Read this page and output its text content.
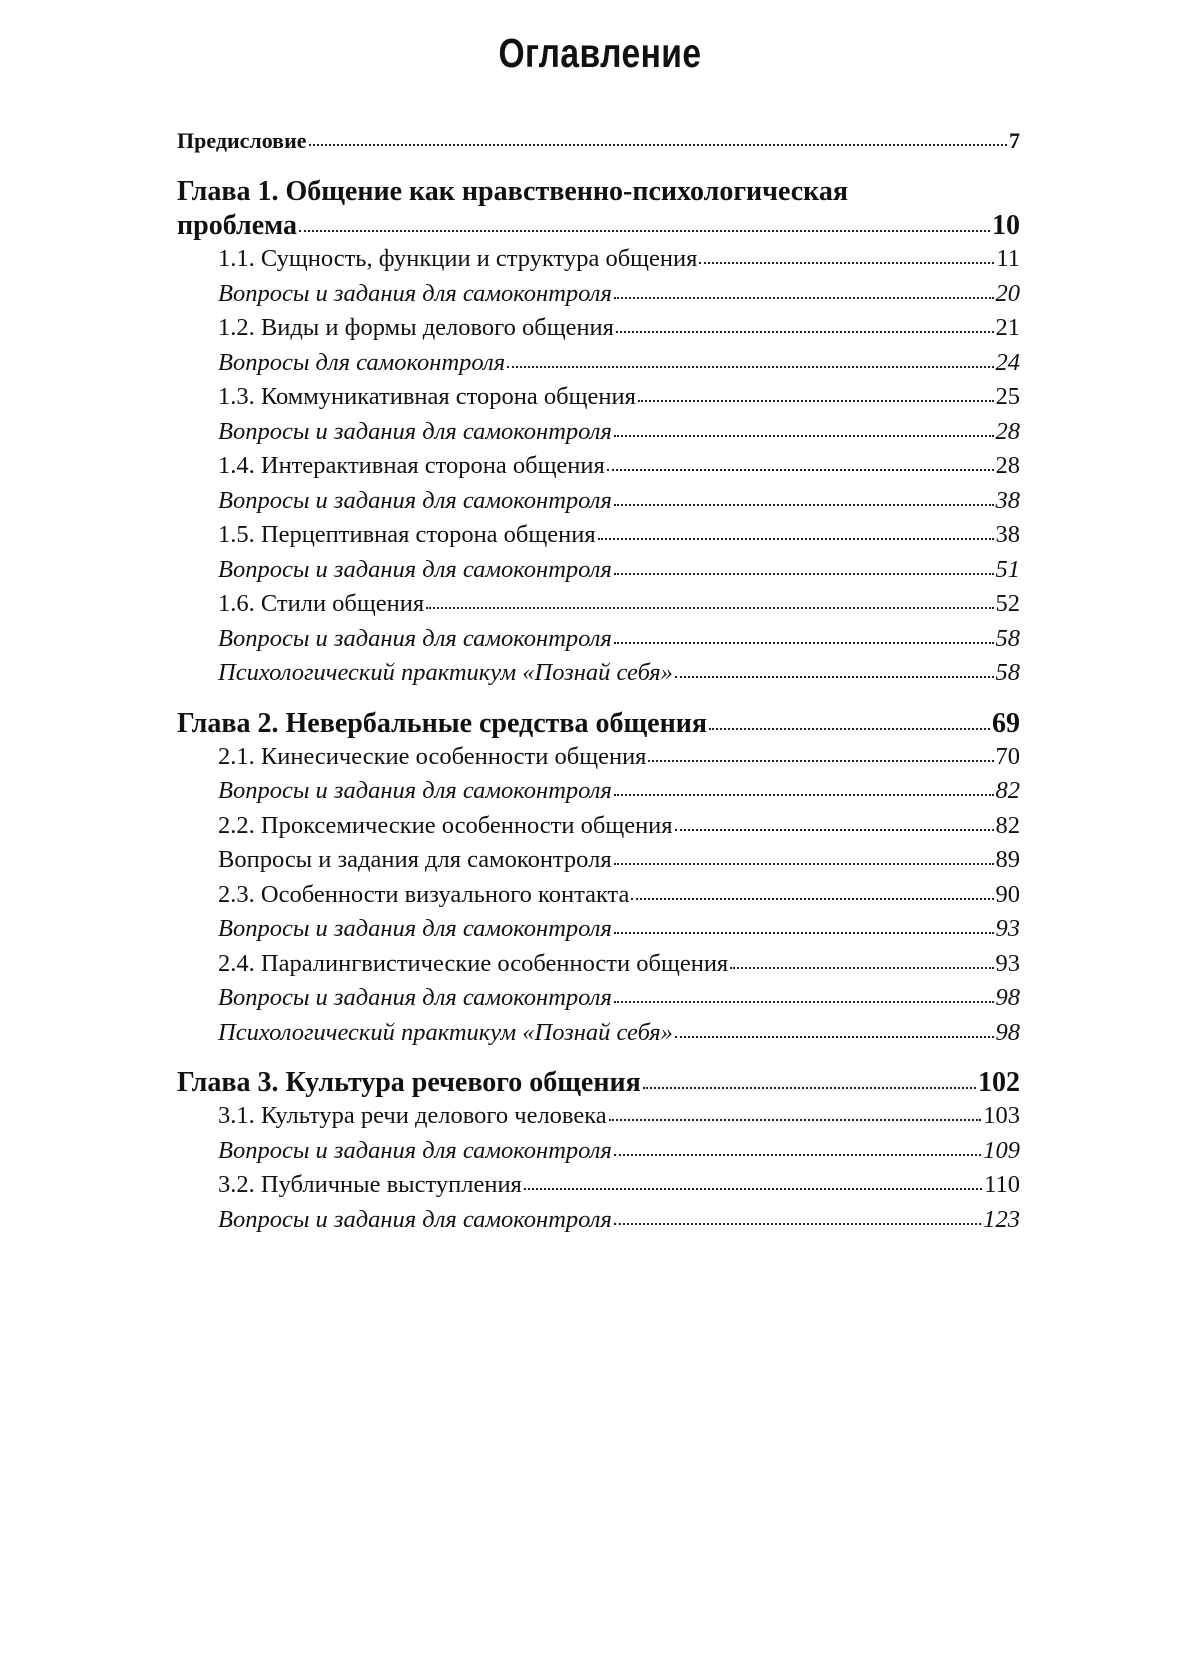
Оглавление
Предисловие	7
Глава 1. Общение как нравственно-психологическая
проблема	10
1.1. Сущность, функции и структура общения	11
Вопросы и задания для самоконтроля	20
1.2. Виды и формы делового общения	21
Вопросы для самоконтроля	24
1.3. Коммуникативная сторона общения	25
Вопросы и задания для самоконтроля	28
1.4. Интерактивная сторона общения	28
Вопросы и задания для самоконтроля	38
1.5. Перцептивная сторона общения	38
Вопросы и задания для самоконтроля	51
1.6. Стили общения	52
Вопросы и задания для самоконтроля	58
Психологический практикум «Познай себя»	58
Глава 2. Невербальные средства общения	69
2.1. Кинесические особенности общения	70
Вопросы и задания для самоконтроля	82
2.2. Проксемические особенности общения	82
Вопросы и задания для самоконтроля	89
2.3. Особенности визуального контакта	90
Вопросы и задания для самоконтроля	93
2.4. Паралингвистические особенности общения	93
Вопросы и задания для самоконтроля	98
Психологический практикум «Познай себя»	98
Глава 3. Культура речевого общения	102
3.1. Культура речи делового человека	103
Вопросы и задания для самоконтроля	109
3.2. Публичные выступления	110
Вопросы и задания для самоконтроля	123
